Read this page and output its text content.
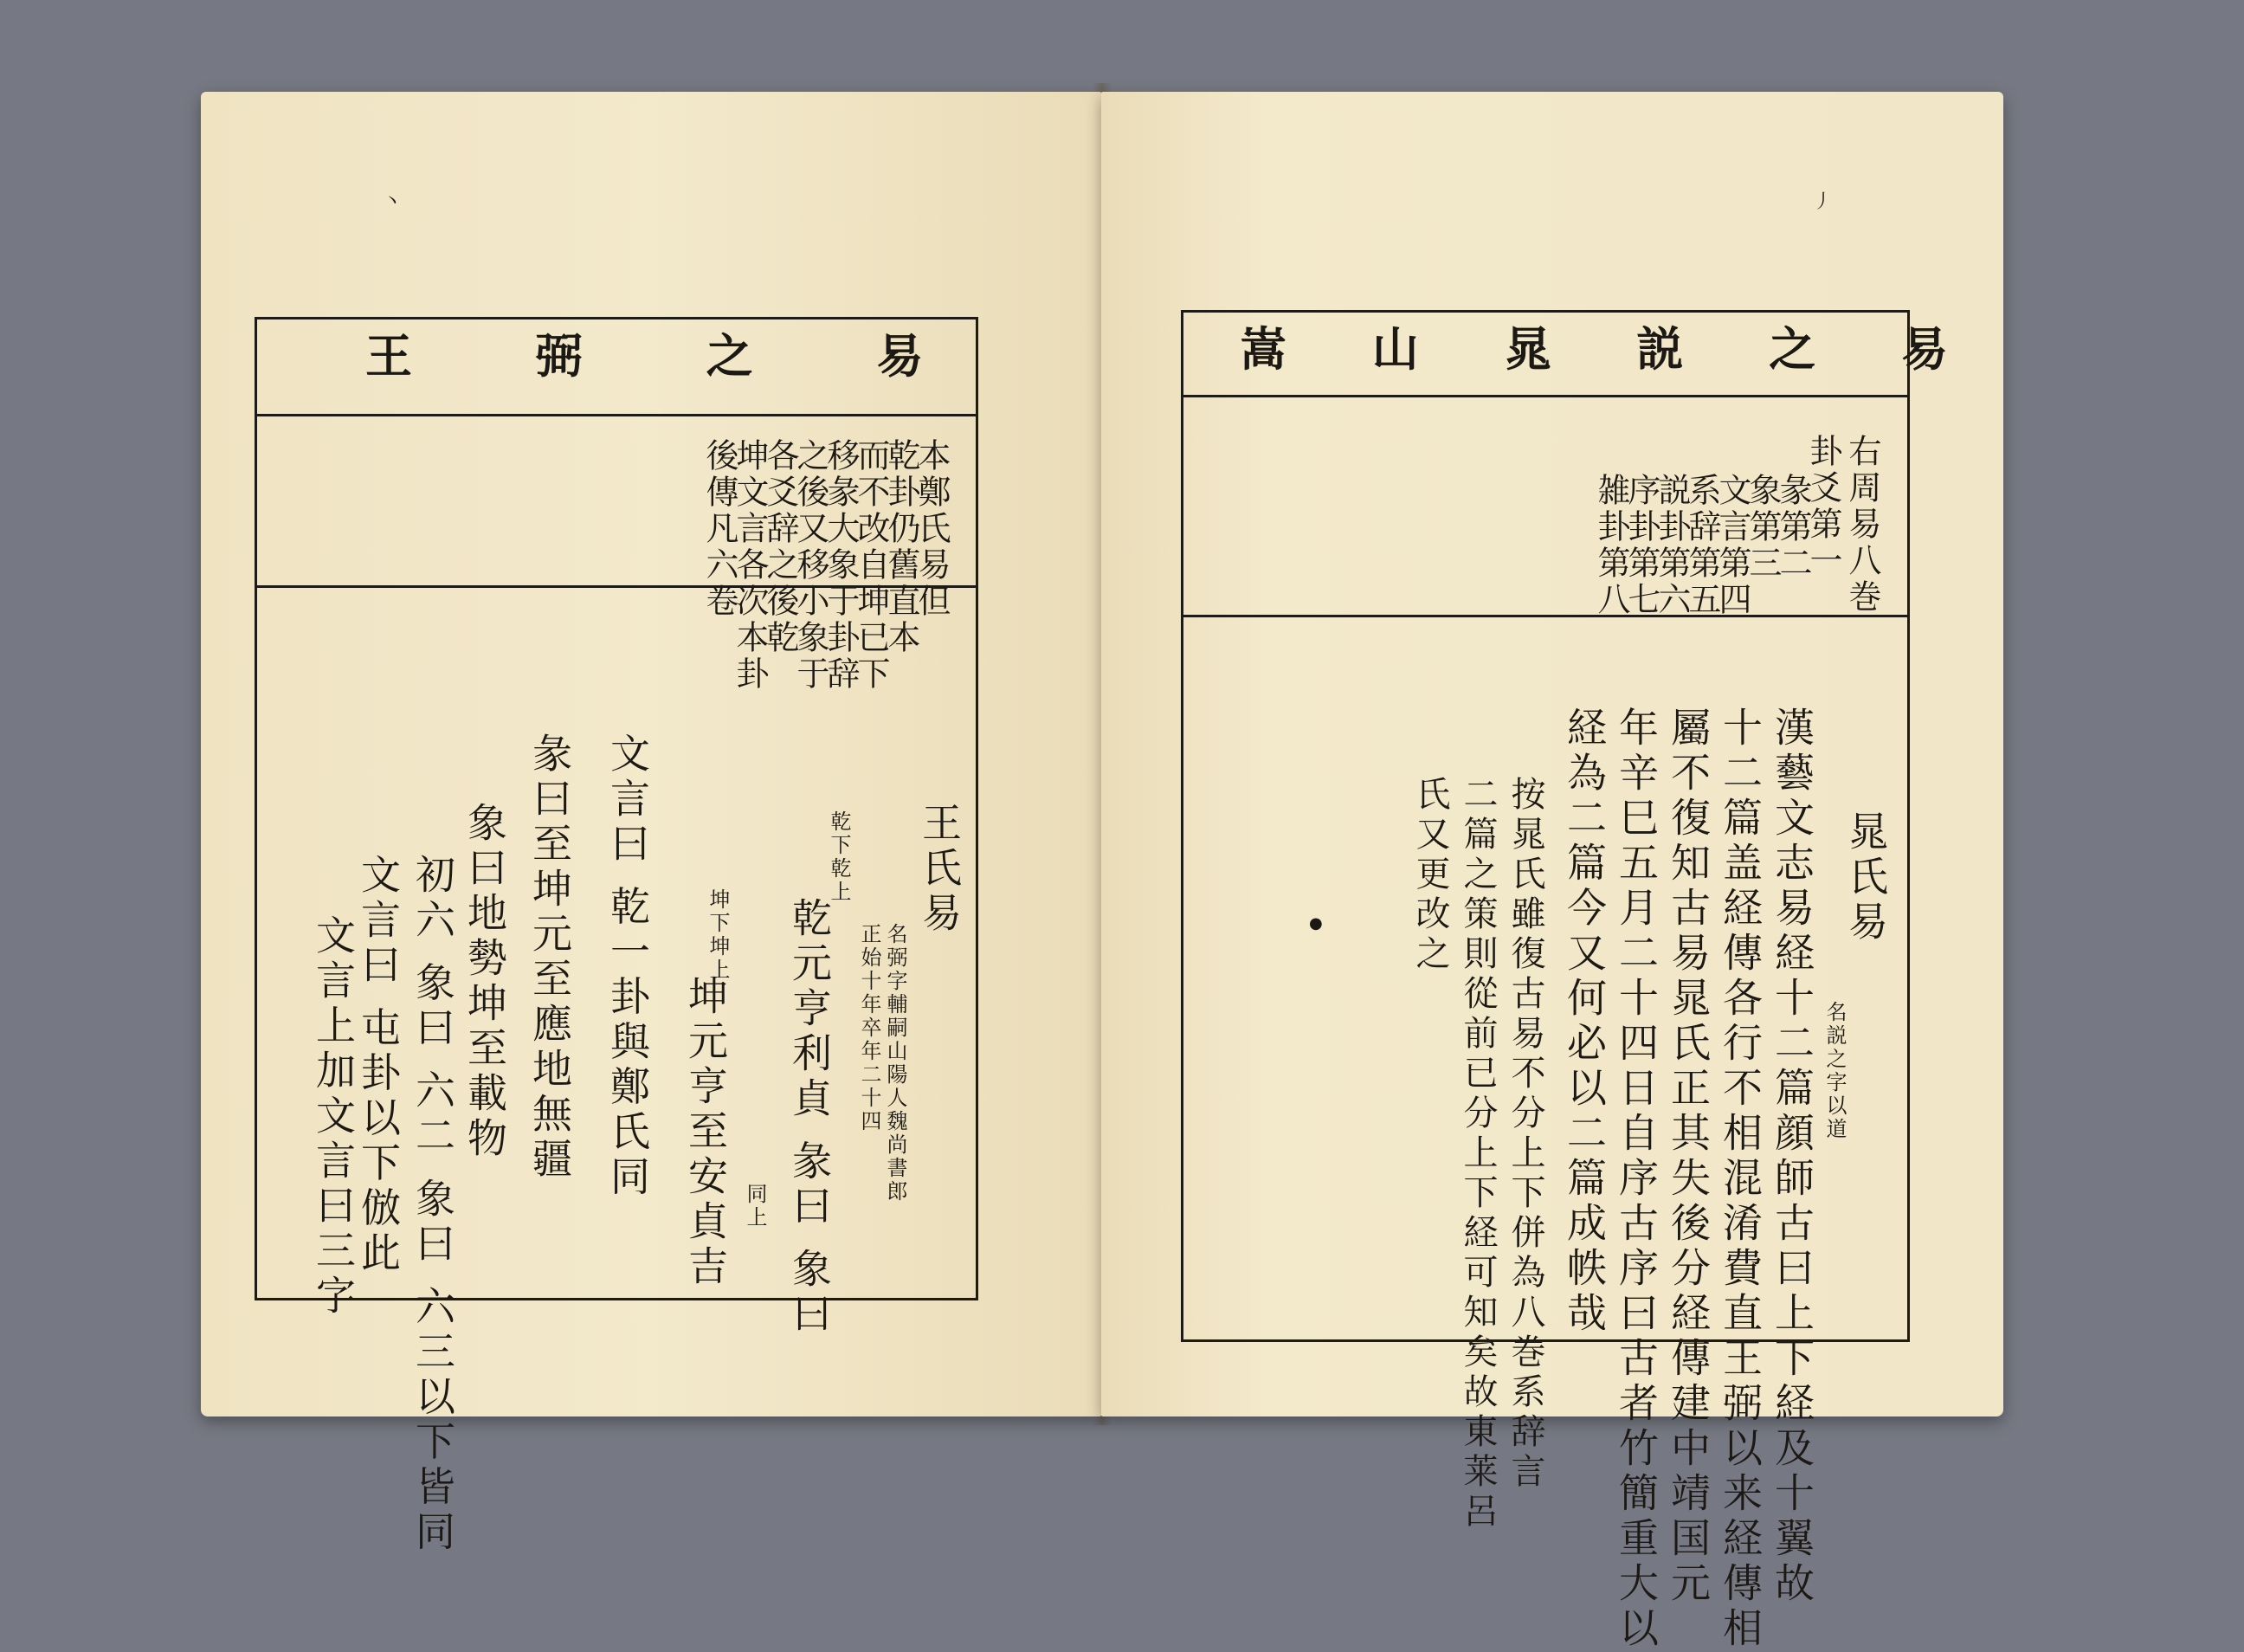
王 弼 之 易
本鄭氏易但
乾卦仍舊直本
而不改自坤已下
移彖大象于卦辞
之後又移小象于
各爻辞之後乾
坤文言各次本卦
後傳凡六卷
王氏易
名弼字輔嗣山陽人魏尚書郎
正始十年卒年二十四
乾下乾上
乾元亨利貞 彖曰 象曰
同上
坤下坤上
坤元亨至安貞吉
文言曰 乾一卦與鄭氏同
彖曰至坤元至應地無疆
象曰地勢坤至載物
初六 象曰 六二 象曰 六三以下皆同
文言曰 屯卦以下倣此
文言上加文言曰三字
丶
嵩 山 晁 説 之 易
右周易八巻
卦爻第一
彖第二
象第三
文言第四
系辞第五
説卦第六
序卦第七
雑卦第八
晁氏易
名説之字以道
漢藝文志易経十二篇顔師古曰上下経及十翼故
十二篇盖経傳各行不相混淆費直王弼以来経傳相
屬不復知古易晁氏正其失後分経傳建中靖国元
年辛巳五月二十四日自序古序曰古者竹簡重大以
経為二篇今又何必以二篇成帙哉
按晁氏雖復古易不分上下併為八巻系辞言
二篇之策則從前已分上下経可知矣故東莱呂
氏又更改之
丿
●
